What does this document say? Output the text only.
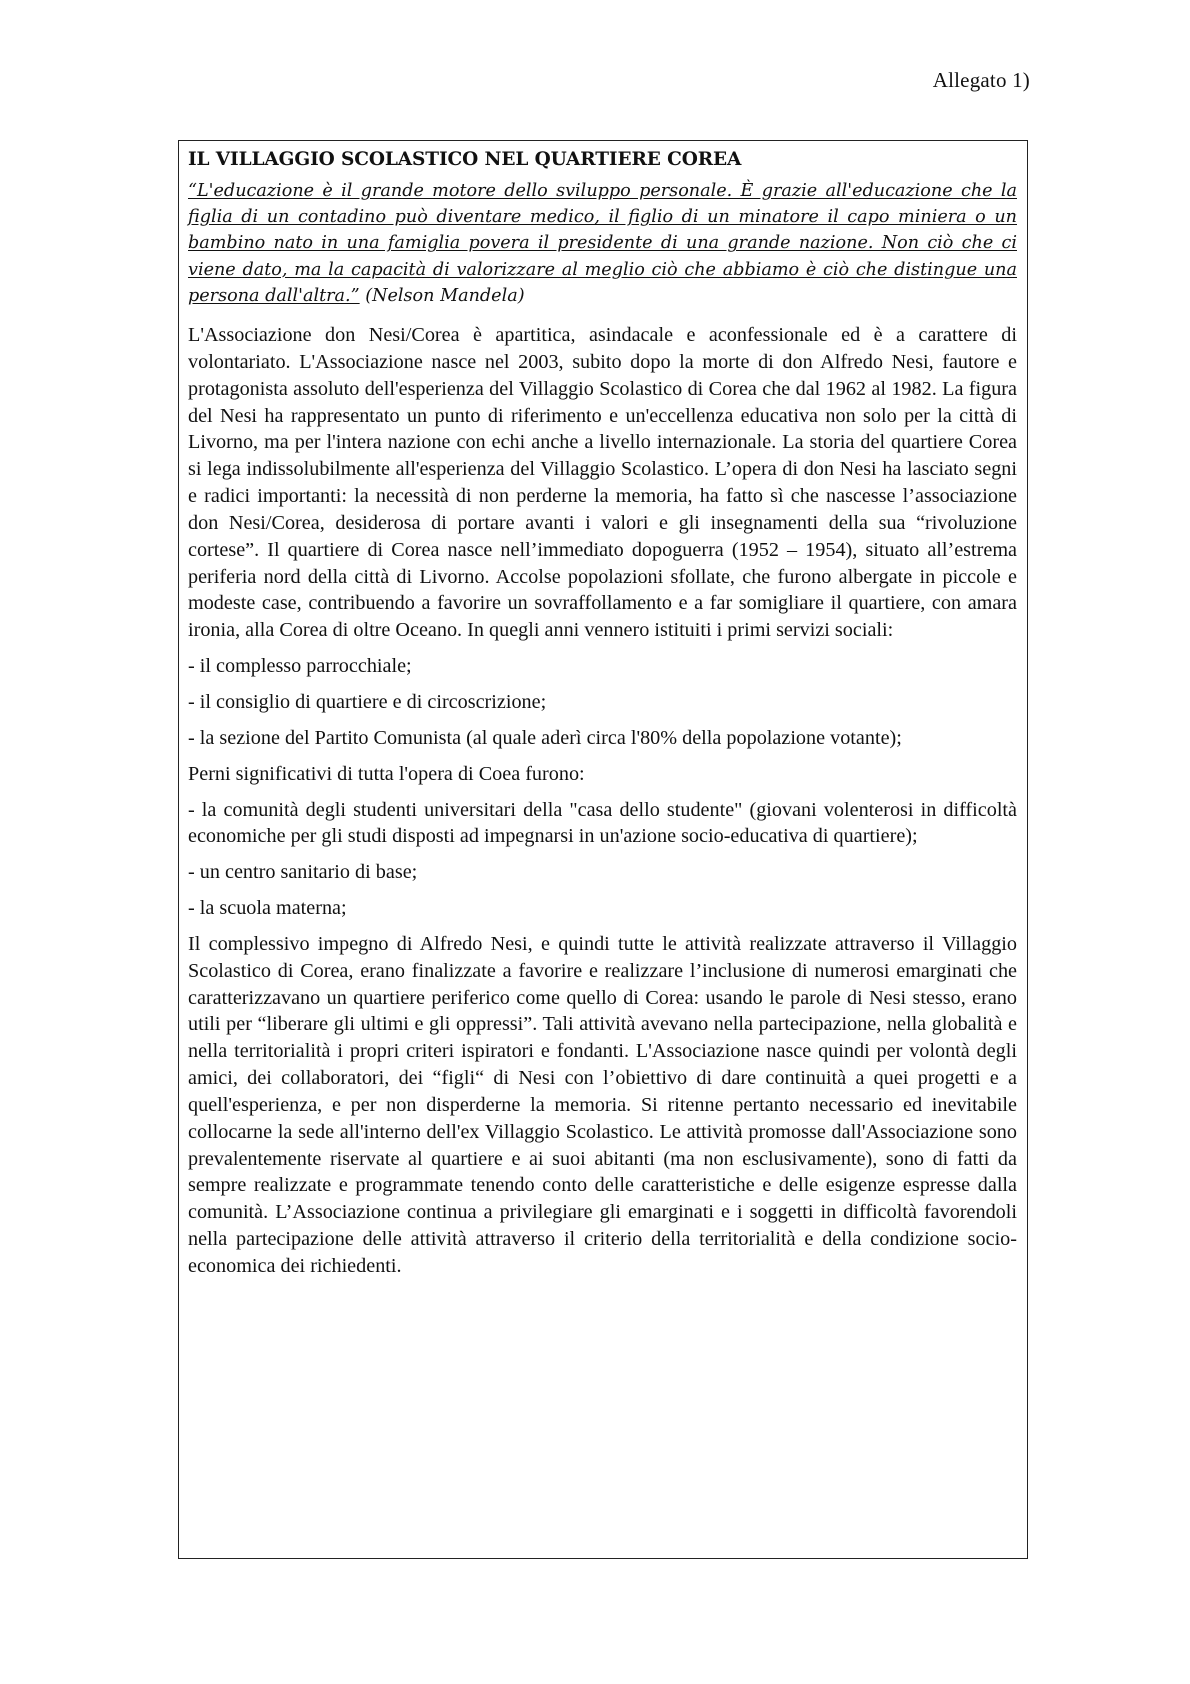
Allegato 1)
IL VILLAGGIO SCOLASTICO NEL QUARTIERE COREA
“L'educazione è il grande motore dello sviluppo personale. È grazie all'educazione che la figlia di un contadino può diventare medico, il figlio di un minatore il capo miniera o un bambino nato in una famiglia povera il presidente di una grande nazione. Non ciò che ci viene dato, ma la capacità di valorizzare al meglio ciò che abbiamo è ciò che distingue una persona dall'altra.” (Nelson Mandela)
L'Associazione don Nesi/Corea è apartitica, asindacale e aconfessionale ed è a carattere di volontariato. L'Associazione nasce nel 2003, subito dopo la morte di don Alfredo Nesi, fautore e protagonista assoluto dell'esperienza del Villaggio Scolastico di Corea che dal 1962 al 1982. La figura del Nesi ha rappresentato un punto di riferimento e un'eccellenza educativa non solo per la città di Livorno, ma per l'intera nazione con echi anche a livello internazionale. La storia del quartiere Corea si lega indissolubilmente all'esperienza del Villaggio Scolastico. L’opera di don Nesi ha lasciato segni e radici importanti: la necessità di non perderne la memoria, ha fatto sì che nascesse l’associazione don Nesi/Corea, desiderosa di portare avanti i valori e gli insegnamenti della sua “rivoluzione cortese”. Il quartiere di Corea nasce nell’immediato dopoguerra (1952 – 1954), situato all’estrema periferia nord della città di Livorno. Accolse popolazioni sfollate, che furono albergate in piccole e modeste case, contribuendo a favorire un sovraffollamento e a far somigliare il quartiere, con amara ironia, alla Corea di oltre Oceano. In quegli anni vennero istituiti i primi servizi sociali:
- il complesso parrocchiale;
- il consiglio di quartiere e di circoscrizione;
- la sezione del Partito Comunista (al quale aderì circa l'80% della popolazione votante);
Perni significativi di tutta l'opera di Coea furono:
- la comunità degli studenti universitari della "casa dello studente" (giovani volenterosi in difficoltà economiche per gli studi disposti ad impegnarsi in un'azione socio-educativa di quartiere);
- un centro sanitario di base;
- la scuola materna;
Il complessivo impegno di Alfredo Nesi, e quindi tutte le attività realizzate attraverso il Villaggio Scolastico di Corea, erano finalizzate a favorire e realizzare l’inclusione di numerosi emarginati che caratterizzavano un quartiere periferico come quello di Corea: usando le parole di Nesi stesso, erano utili per “liberare gli ultimi e gli oppressi”. Tali attività avevano nella partecipazione, nella globalità e nella territorialità i propri criteri ispiratori e fondanti. L'Associazione nasce quindi per volontà degli amici, dei collaboratori, dei “figli“ di Nesi con l’obiettivo di dare continuità a quei progetti e a quell'esperienza, e per non disperderne la memoria. Si ritenne pertanto necessario ed inevitabile collocarne la sede all'interno dell'ex Villaggio Scolastico. Le attività promosse dall'Associazione sono prevalentemente riservate al quartiere e ai suoi abitanti (ma non esclusivamente), sono di fatti da sempre realizzate e programmate tenendo conto delle caratteristiche e delle esigenze espresse dalla comunità. L’Associazione continua a privilegiare gli emarginati e i soggetti in difficoltà favorendoli nella partecipazione delle attività attraverso il criterio della territorialità e della condizione socio-economica dei richiedenti.
